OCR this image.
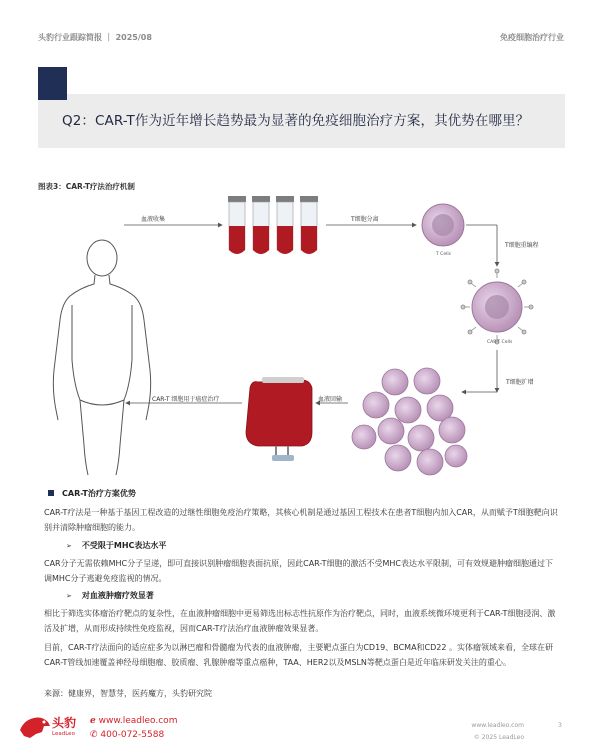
头豹行业跟踪简报 ｜ 2025/08	免疫细胞治疗行业
Q2：CAR-T作为近年增长趋势最为显著的免疫细胞治疗方案，其优势在哪里？
图表3：CAR-T疗法治疗机制
血液收集	T细胞分离
T Cells
T细胞重编程
CAR-T Cells
T细胞扩增
血液回输
CAR-T 细胞用于癌症治疗
CAR-T治疗方案优势
CAR-T疗法是一种基于基因工程改造的过继性细胞免疫治疗策略，其核心机制是通过基因工程技术在患者T细胞内加入CAR，从而赋予T细胞靶向识别并清除肿瘤细胞的能力。
➢ 不受限于MHC表达水平
CAR分子无需依赖MHC分子呈递，即可直接识别肿瘤细胞表面抗原，因此CAR-T细胞的激活不受MHC表达水平限制，可有效规避肿瘤细胞通过下调MHC分子逃避免疫监视的情况。
➢ 对血液肿瘤疗效显著
相比于筛选实体瘤治疗靶点的复杂性，在血液肿瘤细胞中更易筛选出标志性抗原作为治疗靶点，同时，血液系统微环境更利于CAR-T细胞浸润、激活及扩增，从而形成持续性免疫监视，因而CAR-T疗法治疗血液肿瘤效果显著。
目前，CAR-T疗法面向的适应症多为以淋巴瘤和骨髓瘤为代表的血液肿瘤，主要靶点蛋白为CD19、BCMA和CD22 。实体瘤领域来看，全球在研CAR-T管线加速覆盖神经母细胞瘤、胶质瘤、乳腺肿瘤等重点癌种，TAA、HER2以及MSLN等靶点蛋白是近年临床研发关注的重心。
来源：健康界，智慧芽，医药魔方，头豹研究院
头豹
LeadLeo
ℯ www.leadleo.com
✆ 400-072-5588
www.leadleo.com
© 2025 LeadLeo
3
